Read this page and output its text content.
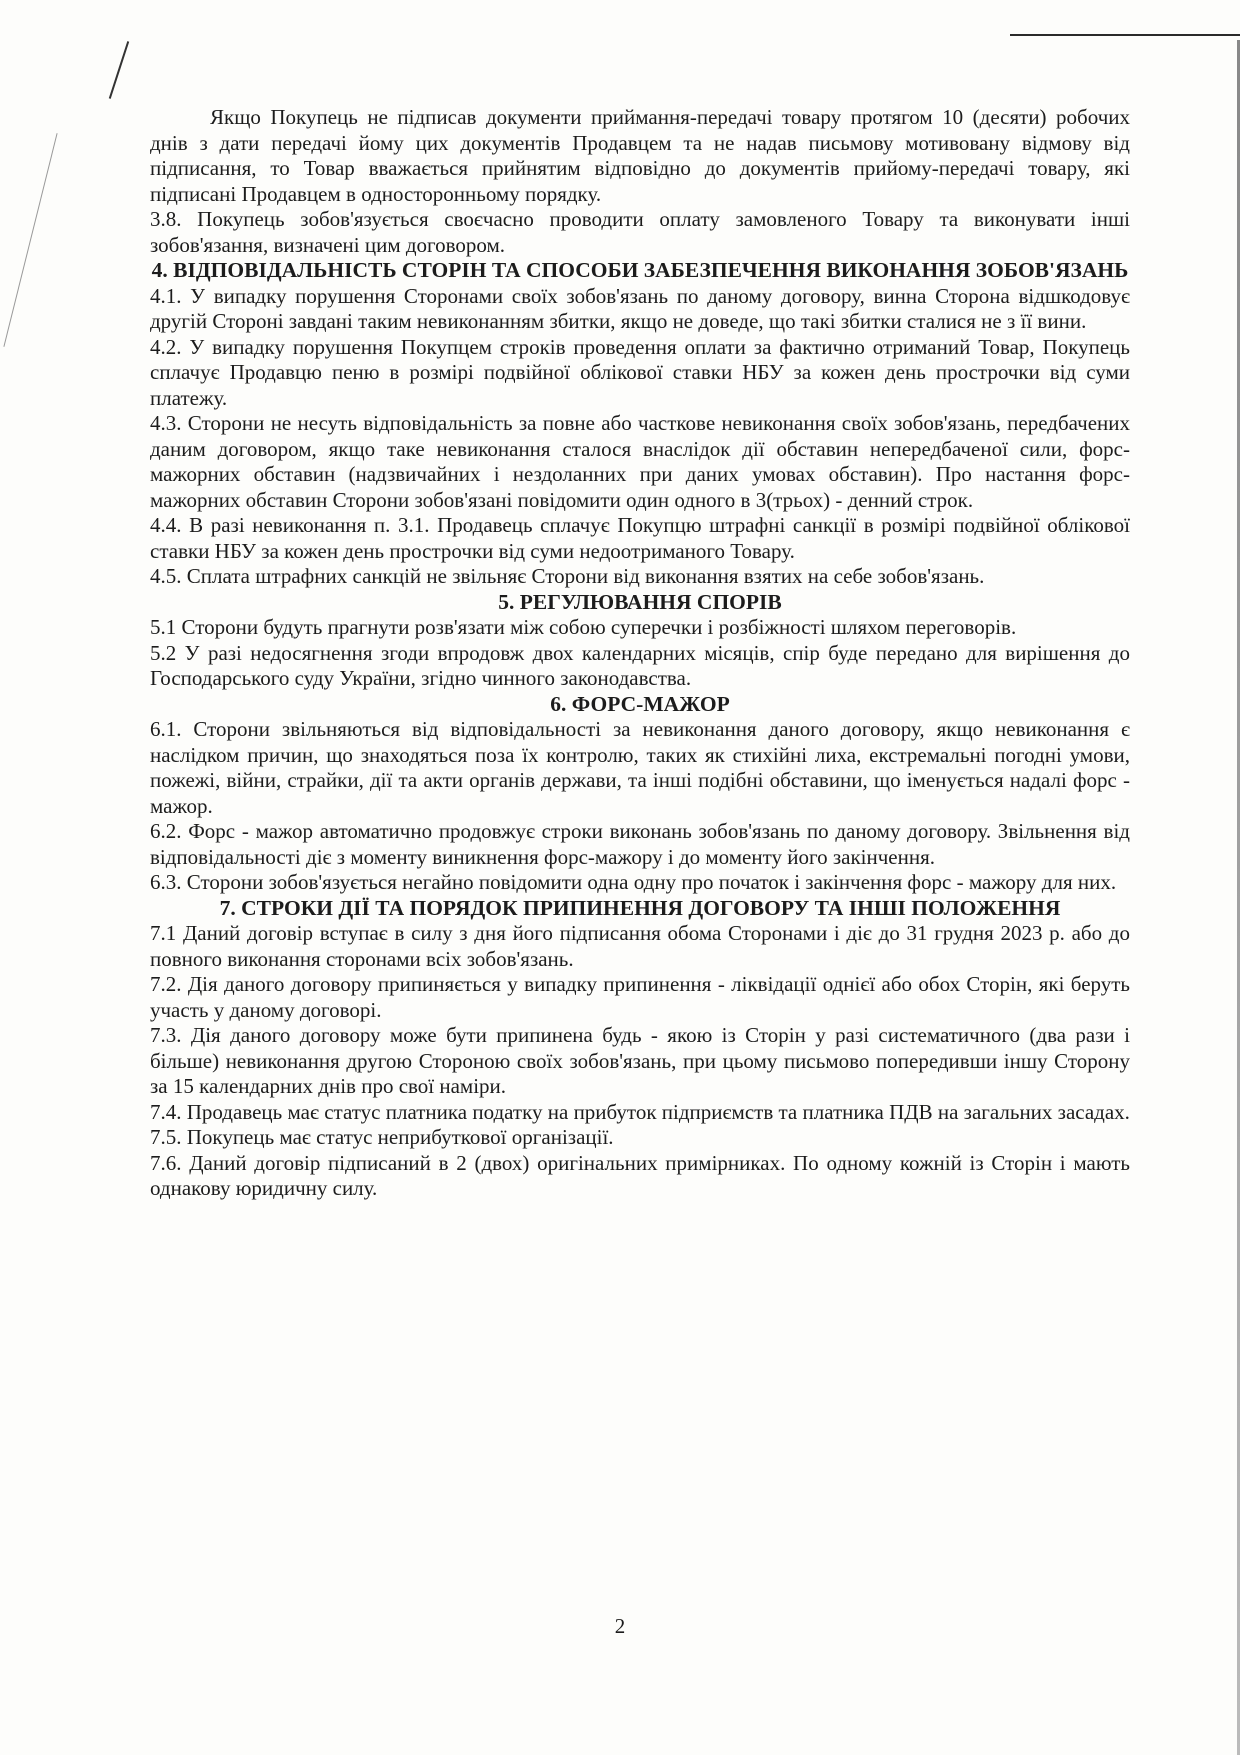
Якщо Покупець не підписав документи приймання-передачі товару протягом 10 (десяти) робочих днів з дати передачі йому цих документів Продавцем та не надав письмову мотивовану відмову від підписання, то Товар вважається прийнятим відповідно до документів прийому-передачі товару, які підписані Продавцем в односторонньому порядку.

3.8. Покупець зобов'язується своєчасно проводити оплату замовленого Товару та виконувати інші зобов'язання, визначені цим договором.

4. ВІДПОВІДАЛЬНІСТЬ СТОРІН ТА СПОСОБИ ЗАБЕЗПЕЧЕННЯ ВИКОНАННЯ ЗОБОВ'ЯЗАНЬ

4.1. У випадку порушення Сторонами своїх зобов'язань по даному договору, винна Сторона відшкодовує другій Стороні завдані таким невиконанням збитки, якщо не доведе, що такі збитки сталися не з її вини.

4.2. У випадку порушення Покупцем строків проведення оплати за фактично отриманий Товар, Покупець сплачує Продавцю пеню в розмірі подвійної облікової ставки НБУ за кожен день прострочки від суми платежу.

4.3. Сторони не несуть відповідальність за повне або часткове невиконання своїх зобов'язань, передбачених даним договором, якщо таке невиконання сталося внаслідок дії обставин непередбаченої сили, форс-мажорних обставин (надзвичайних і нездоланних при даних умовах обставин). Про настання форс-мажорних обставин Сторони зобов'язані повідомити один одного в 3(трьох) - денний строк.

4.4. В разі невиконання п. 3.1. Продавець сплачує Покупцю штрафні санкції в розмірі подвійної облікової ставки НБУ за кожен день прострочки від суми недоотриманого Товару.

4.5. Сплата штрафних санкцій не звільняє Сторони від виконання взятих на себе зобов'язань.

5. РЕГУЛЮВАННЯ СПОРІВ

5.1 Сторони будуть прагнути розв'язати між собою суперечки і розбіжності шляхом переговорів.

5.2 У разі недосягнення згоди впродовж двох календарних місяців, спір буде передано для вирішення до Господарського суду України, згідно чинного законодавства.

6. ФОРС-МАЖОР

6.1. Сторони звільняються від відповідальності за невиконання даного договору, якщо невиконання є наслідком причин, що знаходяться поза їх контролю, таких як стихійні лиха, екстремальні погодні умови, пожежі, війни, страйки, дії та акти органів держави, та інші подібні обставини, що іменується надалі форс - мажор.

6.2. Форс - мажор автоматично продовжує строки виконань зобов'язань по даному договору. Звільнення від відповідальності діє з моменту виникнення форс-мажору і до моменту його закінчення.

6.3. Сторони зобов'язується негайно повідомити одна одну про початок і закінчення форс - мажору для них.

7. СТРОКИ ДІЇ ТА ПОРЯДОК ПРИПИНЕННЯ ДОГОВОРУ ТА ІНШІ ПОЛОЖЕННЯ

7.1 Даний договір вступає в силу з дня його підписання обома Сторонами і діє до 31 грудня 2023 р. або до повного виконання сторонами всіх зобов'язань.

7.2. Дія даного договору припиняється у випадку припинення - ліквідації однієї або обох Сторін, які беруть участь у даному договорі.

7.3. Дія даного договору може бути припинена будь - якою із Сторін у разі систематичного (два рази і більше) невиконання другою Стороною своїх зобов'язань, при цьому письмово попередивши іншу Сторону за 15 календарних днів про свої наміри.

7.4. Продавець має статус платника податку на прибуток підприємств та платника ПДВ на загальних засадах.

7.5. Покупець має статус неприбуткової організації.

7.6. Даний договір підписаний в 2 (двох) оригінальних примірниках. По одному кожній із Сторін і мають однакову юридичну силу.

2
